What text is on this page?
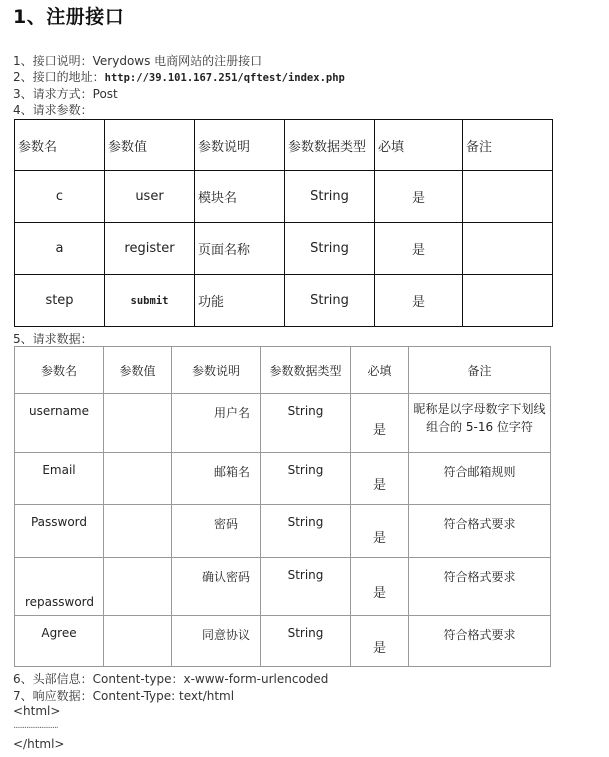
1、注册接口
1、接口说明：Verydows 电商网站的注册接口
2、接口的地址：http://39.101.167.251/qftest/index.php
3、请求方式：Post
4、请求参数：
参数名	参数值	参数说明	参数数据类型	必填	备注
c	user	模块名	String	是	
a	register	页面名称	String	是	
step	submit	功能	String	是	
5、请求数据：
参数名	参数值	参数说明	参数数据类型	必填	备注
username		用户名	String	是	昵称是以字母数字下划线组合的 5-16 位字符
Email		邮箱名	String	是	符合邮箱规则
Password		密码	String	是	符合格式要求
repassword		确认密码	String	是	符合格式要求
Agree		同意协议	String	是	符合格式要求
6、头部信息：Content-type：x-www-form-urlencoded
7、响应数据：Content-Type: text/html
<html>
........................
</html>
